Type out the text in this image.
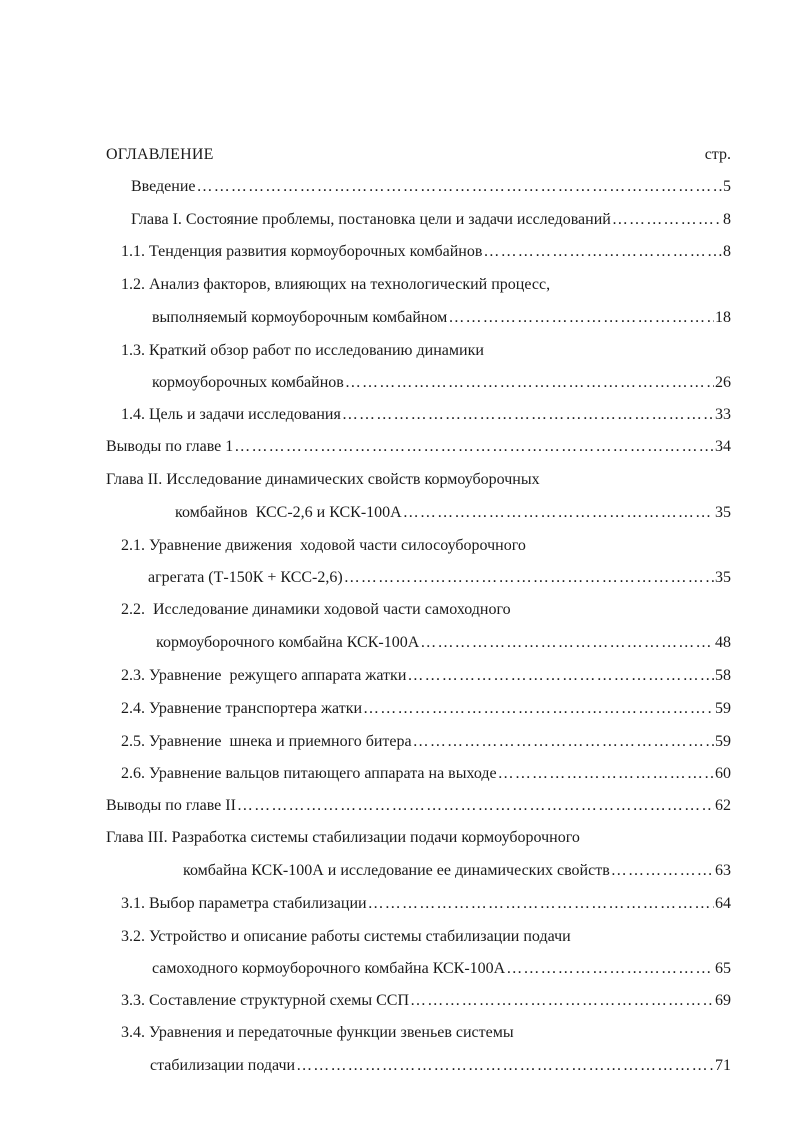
ОГЛАВЛЕНИЕ	стр.
Введение ……………………………………………………………………………………………………………………………………………………………………	5
Глава I. Состояние проблемы, постановка цели и задачи исследований ……………………………………………………………………………………………………………………………………………………………………	8
1.1. Тенденция развития кормоуборочных комбайнов ……………………………………………………………………………………………………………………………………………………………………	8
1.2. Анализ факторов, влияющих на технологический процесс,
выполняемый кормоуборочным комбайном ……………………………………………………………………………………………………………………………………………………………………	18
1.3. Краткий обзор работ по исследованию динамики
кормоуборочных комбайнов ……………………………………………………………………………………………………………………………………………………………………	26
1.4. Цель и задачи исследования ……………………………………………………………………………………………………………………………………………………………………	33
Выводы по главе 1 ……………………………………………………………………………………………………………………………………………………………………	34
Глава II. Исследование динамических свойств кормоуборочных
комбайнов  КСС-2,6 и КСК-100А ……………………………………………………………………………………………………………………………………………………………………	35
2.1. Уравнение движения  ходовой части силосоуборочного
агрегата (Т-150К + КСС-2,6) ……………………………………………………………………………………………………………………………………………………………………	35
2.2.  Исследование динамики ходовой части самоходного
кормоуборочного комбайна КСК-100А ……………………………………………………………………………………………………………………………………………………………………	48
2.3. Уравнение  режущего аппарата жатки ……………………………………………………………………………………………………………………………………………………………………	58
2.4. Уравнение транспортера жатки ……………………………………………………………………………………………………………………………………………………………………	59
2.5. Уравнение  шнека и приемного битера ……………………………………………………………………………………………………………………………………………………………………	59
2.6. Уравнение вальцов питающего аппарата на выходе ……………………………………………………………………………………………………………………………………………………………………	60
Выводы по главе II ……………………………………………………………………………………………………………………………………………………………………	62
Глава III. Разработка системы стабилизации подачи кормоуборочного
комбайна КСК-100А и исследование ее динамических свойств ……………………………………………………………………………………………………………………………………………………………………	63
3.1. Выбор параметра стабилизации ……………………………………………………………………………………………………………………………………………………………………	64
3.2. Устройство и описание работы системы стабилизации подачи
самоходного кормоуборочного комбайна КСК-100А ……………………………………………………………………………………………………………………………………………………………………	65
3.3. Составление структурной схемы ССП ……………………………………………………………………………………………………………………………………………………………………	69
3.4. Уравнения и передаточные функции звеньев системы
стабилизации подачи ……………………………………………………………………………………………………………………………………………………………………	71
